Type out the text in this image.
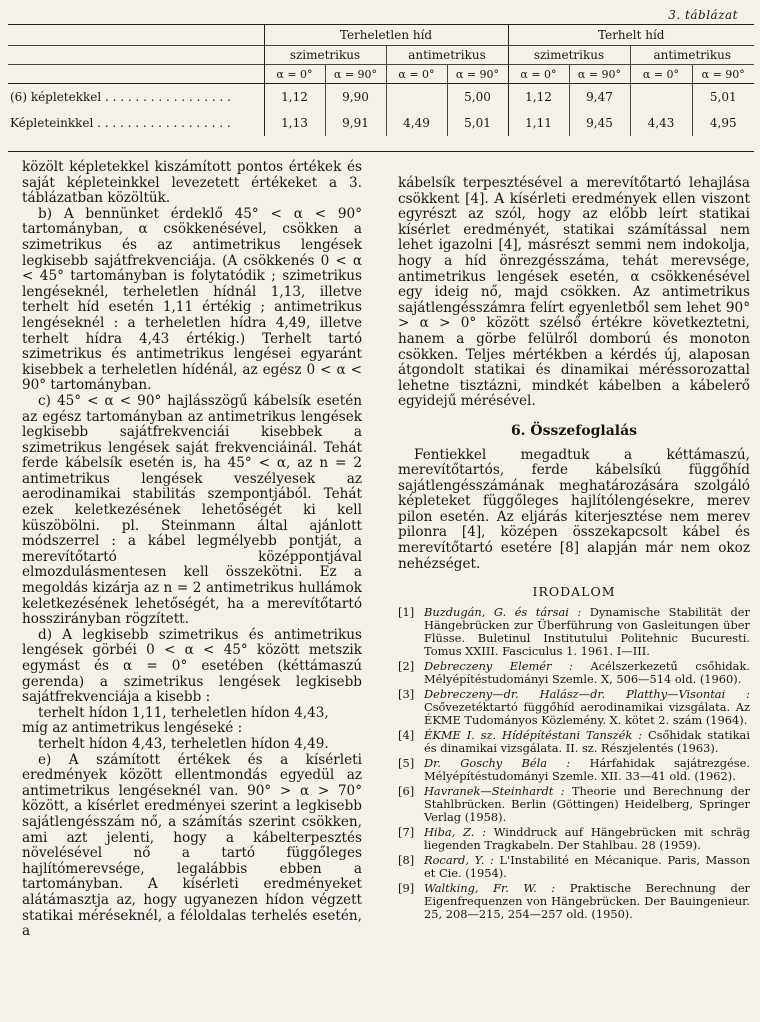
3. táblázat
	Terheletlen híd				Terhelt híd			
	szimetrikus		antimetrikus		szimetrikus		antimetrikus	
	α = 0°	α = 90°	α = 0°	α = 90°	α = 0°	α = 90°	α = 0°	α = 90°
(6) képletekkel . . . . . . . . . . . . . . . . .	1,12	9,90		5,00	1,12	9,47		5,01
Képleteinkkel . . . . . . . . . . . . . . . . . .	1,13	9,91	4,49	5,01	1,11	9,45	4,43	4,95

közölt képletekkel kiszámított pontos értékek és saját képleteinkkel levezetett értékeket a 3. táblázatban közöltük.

b) A bennünket érdeklő 45° < α < 90° tartományban, α csökkenésével, csökken a szimetrikus és az antimetrikus lengések legkisebb sajátfrekvenciája. (A csökkenés 0 < α < 45° tartományban is folytatódik ; szimetrikus lengéseknél, terheletlen hídnál 1,13, illetve terhelt híd esetén 1,11 értékig ; antimetrikus lengéseknél : a terheletlen hídra 4,49, illetve terhelt hídra 4,43 értékig.) Terhelt tartó szimetrikus és antimetrikus lengései egyaránt kisebbek a terheletlen hídénál, az egész 0 < α < 90° tartományban.

c) 45° < α < 90° hajlásszögű kábelsík esetén az egész tartományban az antimetrikus lengések legkisebb sajátfrekvenciái kisebbek a szimetrikus lengések saját frekvenciáinál. Tehát ferde kábelsík esetén is, ha 45° < α, az n = 2 antimetrikus lengések veszélyesek az aerodinamikai stabilitás szempontjából. Tehát ezek keletkezésének lehetőségét ki kell küszöbölni. pl. Steinmann által ajánlott módszerrel : a kábel legmélyebb pontját, a merevítőtartó középpontjával elmozdulásmentesen kell összekötni. Ez a megoldás kizárja az n = 2 antimetrikus hullámok keletkezésének lehetőségét, ha a merevítőtartó hosszirányban rögzített.

d) A legkisebb szimetrikus és antimetrikus lengések görbéi 0 < α < 45° között metszik egymást és α = 0° esetében (kéttámaszú gerenda) a szimetrikus lengések legkisebb sajátfrekvenciája a kisebb :

terhelt hídon 1,11, terheletlen hídon 4,43,

míg az antimetrikus lengéseké :

terhelt hídon 4,43, terheletlen hídon 4,49.

e) A számított értékek és a kísérleti eredmények között ellentmondás egyedül az antimetrikus lengéseknél van. 90° > α > 70° között, a kísérlet eredményei szerint a legkisebb sajátlengésszám nő, a számítás szerint csökken, ami azt jelenti, hogy a kábelterpesztés növelésével nő a tartó függőleges hajlítómerevsége, legalábbis ebben a tartományban. A kísérleti eredményeket alátámasztja az, hogy ugyanezen hídon végzett statikai méréseknél, a féloldalas terhelés esetén, a

kábelsík terpesztésével a merevítőtartó lehajlása csökkent [4]. A kísérleti eredmények ellen viszont egyrészt az szól, hogy az előbb leírt statikai kísérlet eredményét, statikai számítással nem lehet igazolni [4], másrészt semmi nem indokolja, hogy a híd önrezgésszáma, tehát merevsége, antimetrikus lengések esetén, α csökkenésével egy ideig nő, majd csökken. Az antimetrikus sajátlengésszámra felírt egyenletből sem lehet 90° > α > 0° között szélső értékre következtetni, hanem a görbe felülről domború és monoton csökken. Teljes mértékben a kérdés új, alaposan átgondolt statikai és dinamikai méréssorozattal lehetne tisztázni, mindkét kábelben a kábelerő egyidejű mérésével.

6. Összefoglalás

Fentiekkel megadtuk a kéttámaszú, merevítőtartós, ferde kábelsíkú függőhíd sajátlengésszámának meghatározására szolgáló képleteket függőleges hajlítólengésekre, merev pilon esetén. Az eljárás kiterjesztése nem merev pilonra [4], középen összekapcsolt kábel és merevítőtartó esetére [8] alapján már nem okoz nehézséget.

IRODALOM

[1] Buzdugán, G. és társai : Dynamische Stabilität der Hängebrücken zur Überführung von Gasleitungen über Flüsse. Buletinul Institutului Politehnic Bucuresti. Tomus XXIII. Fasciculus 1. 1961. I—III.
[2] Debreczeny Elemér : Acélszerkezetű csőhidak. Mélyépítéstudományi Szemle. X, 506—514 old. (1960).
[3] Debreczeny—dr. Halász—dr. Platthy—Visontai : Csővezetéktartó függőhíd aerodinamikai vizsgálata. Az ÉKME Tudományos Közlemény. X. kötet 2. szám (1964).
[4] ÉKME I. sz. Hídépítéstani Tanszék : Csőhidak statikai és dinamikai vizsgálata. II. sz. Részjelentés (1963).
[5] Dr. Goschy Béla : Hárfahidak sajátrezgése. Mélyépítéstudományi Szemle. XII. 33—41 old. (1962).
[6] Havranek—Steinhardt : Theorie und Berechnung der Stahlbrücken. Berlin (Göttingen) Heidelberg, Springer Verlag (1958).
[7] Hiba, Z. : Winddruck auf Hängebrücken mit schräg liegenden Tragkabeln. Der Stahlbau. 28 (1959).
[8] Rocard, Y. : L'Instabilité en Mécanique. Paris, Masson et Cie. (1954).
[9] Waltking, Fr. W. : Praktische Berechnung der Eigenfrequenzen von Hängebrücken. Der Bauingenieur. 25, 208—215, 254—257 old. (1950).
